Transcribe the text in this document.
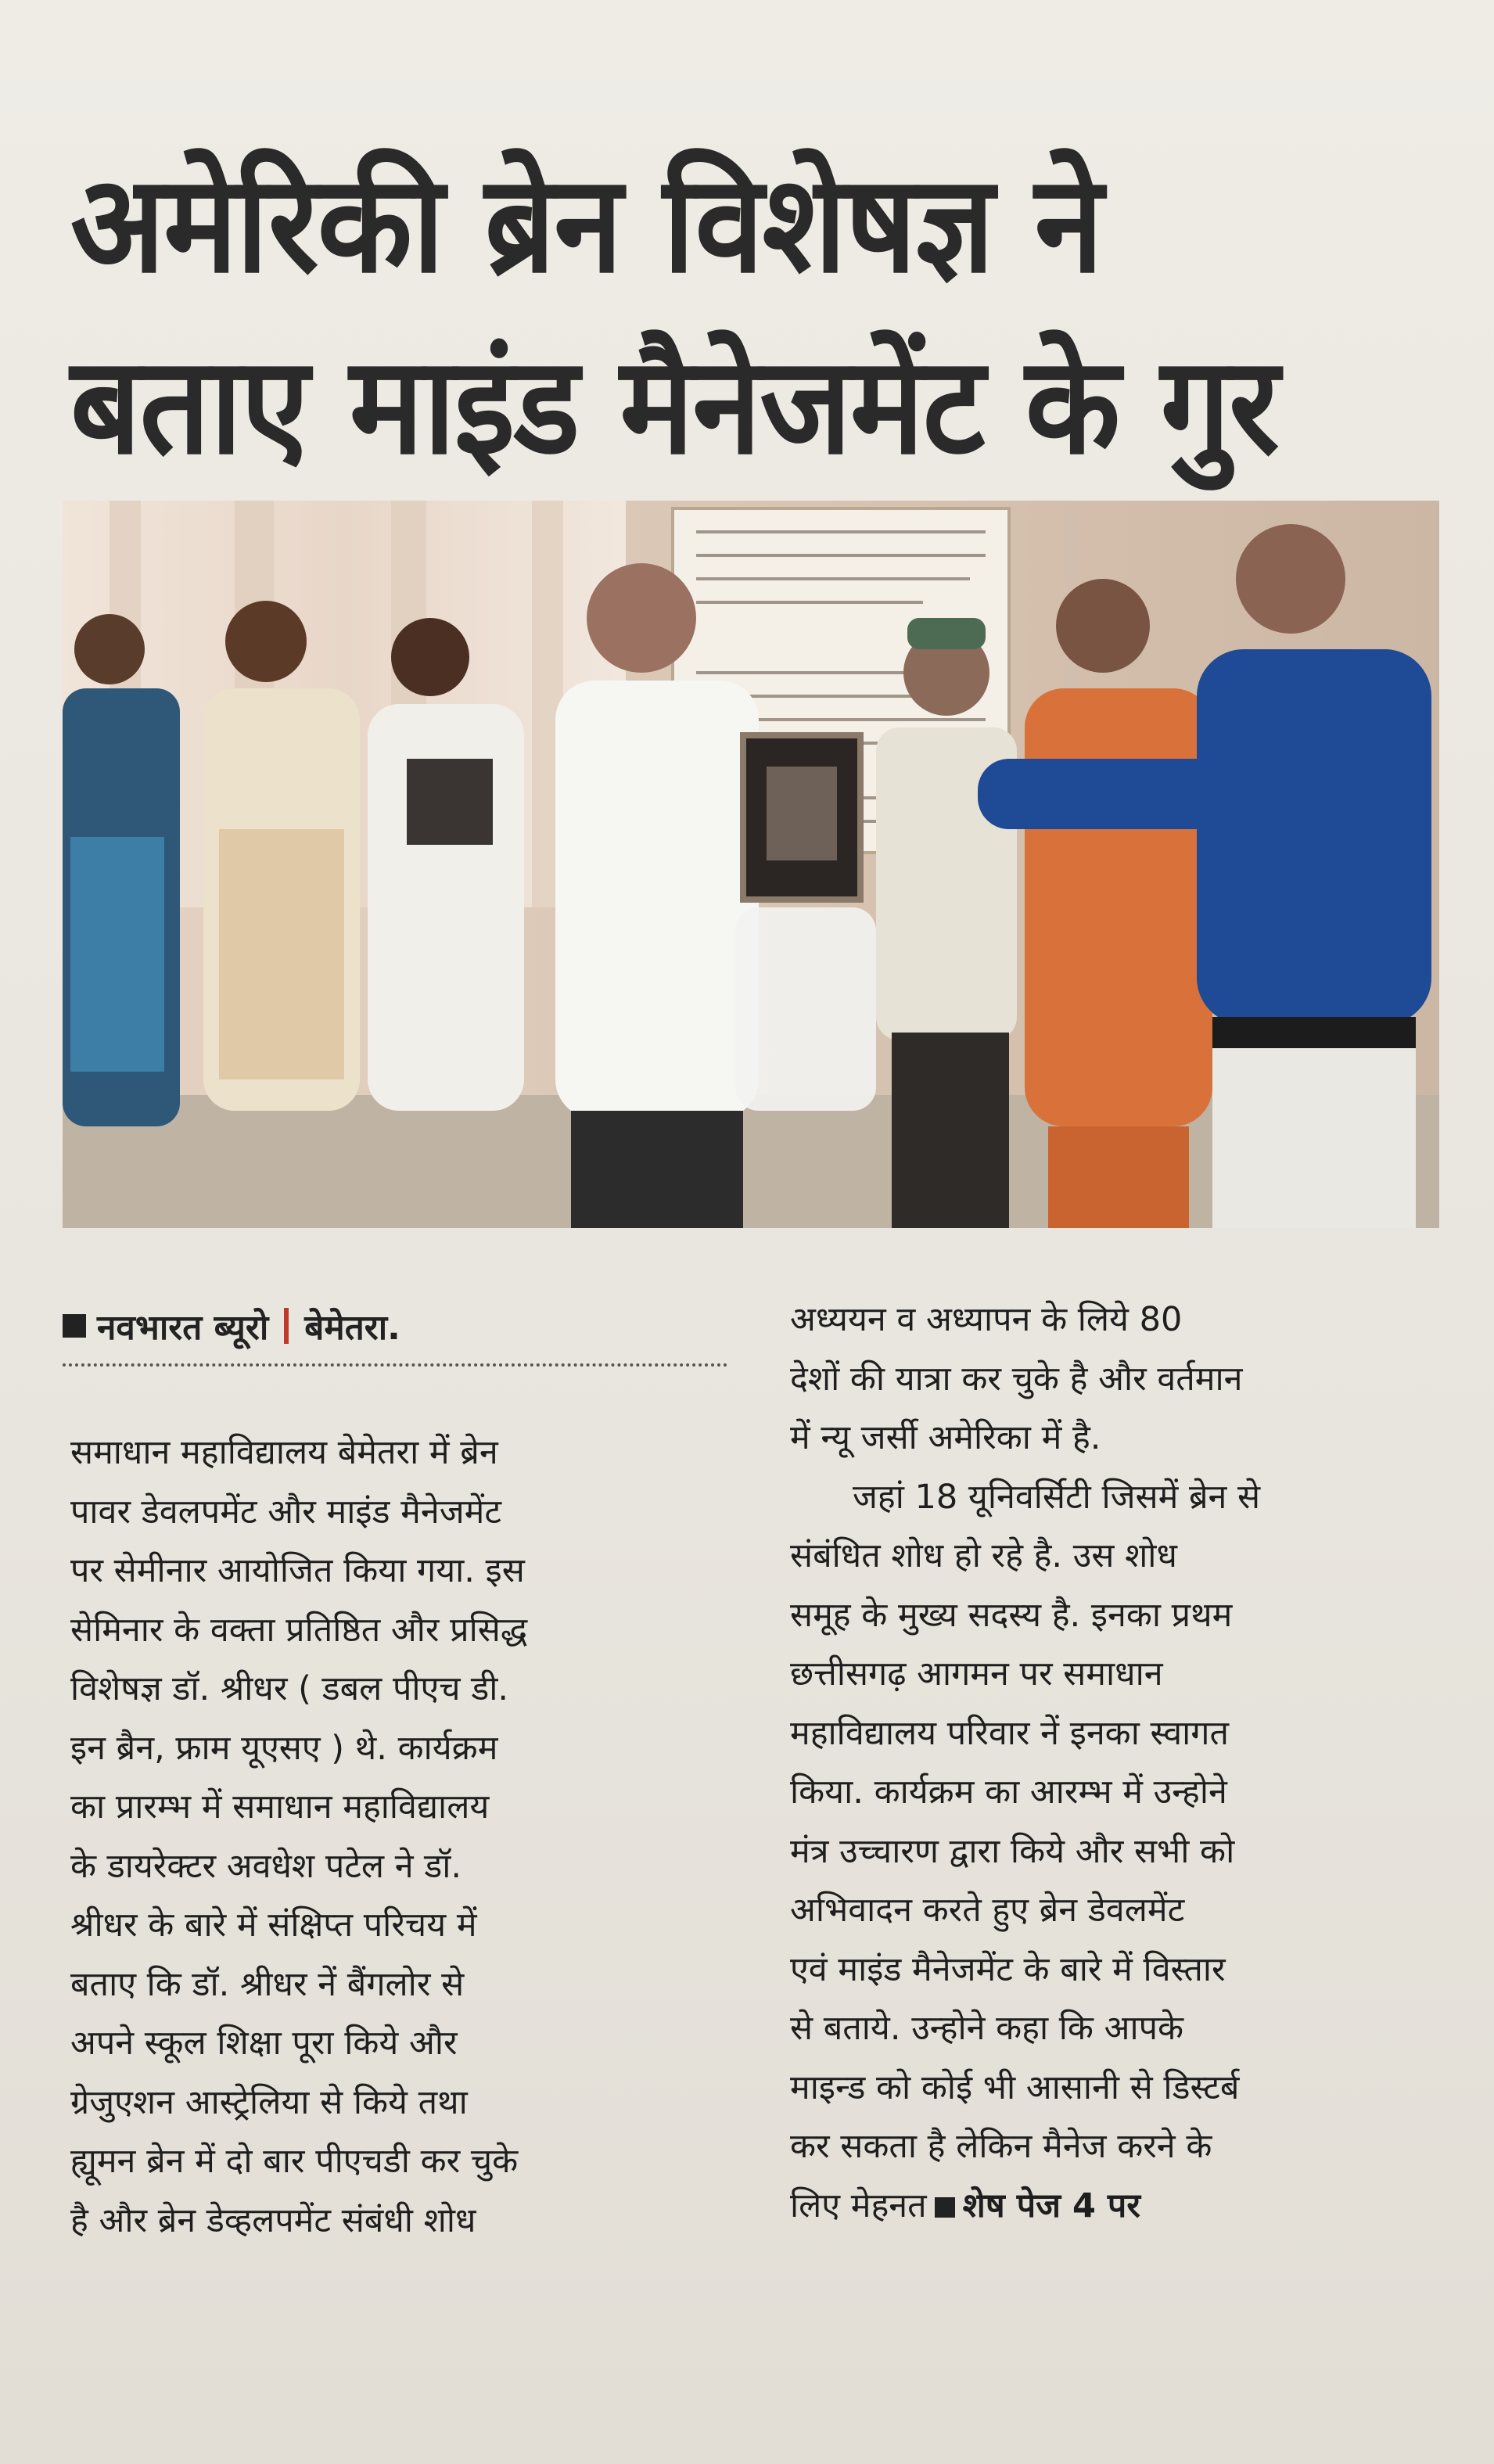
अमेरिकी ब्रेन विशेषज्ञ ने
बताए माइंड मैनेजमेंट के गुर
नवभारत ब्यूरो बेमेतरा.
समाधान महाविद्यालय बेमेतरा में ब्रेन
पावर डेवलपमेंट और माइंड मैनेजमेंट
पर सेमीनार आयोजित किया गया. इस
सेमिनार के वक्ता प्रतिष्ठित और प्रसिद्ध
विशेषज्ञ डॉ. श्रीधर ( डबल पीएच डी.
इन ब्रैन, फ्राम यूएसए ) थे. कार्यक्रम
का प्रारम्भ में समाधान महाविद्यालय
के डायरेक्टर अवधेश पटेल ने डॉ.
श्रीधर के बारे में संक्षिप्त परिचय में
बताए कि डॉ. श्रीधर नें बैंगलोर से
अपने स्कूल शिक्षा पूरा किये और
ग्रेजुएशन आस्ट्रेलिया से किये तथा
ह्यूमन ब्रेन में दो बार पीएचडी कर चुके
है और ब्रेन डेव्हलपमेंट संबंधी शोध
अध्ययन व अध्यापन के लिये 80
देशों की यात्रा कर चुके है और वर्तमान
में न्यू जर्सी अमेरिका में है.
जहां 18 यूनिवर्सिटी जिसमें ब्रेन से
संबंधित शोध हो रहे है. उस शोध
समूह के मुख्य सदस्य है. इनका प्रथम
छत्तीसगढ़ आगमन पर समाधान
महाविद्यालय परिवार नें इनका स्वागत
किया. कार्यक्रम का आरम्भ में उन्होने
मंत्र उच्चारण द्वारा किये और सभी को
अभिवादन करते हुए ब्रेन डेवलमेंट
एवं माइंड मैनेजमेंट के बारे में विस्तार
से बताये. उन्होने कहा कि आपके
माइन्ड को कोई भी आसानी से डिस्टर्ब
कर सकता है लेकिन मैनेज करने के
लिए मेहनत शेष पेज 4 पर
